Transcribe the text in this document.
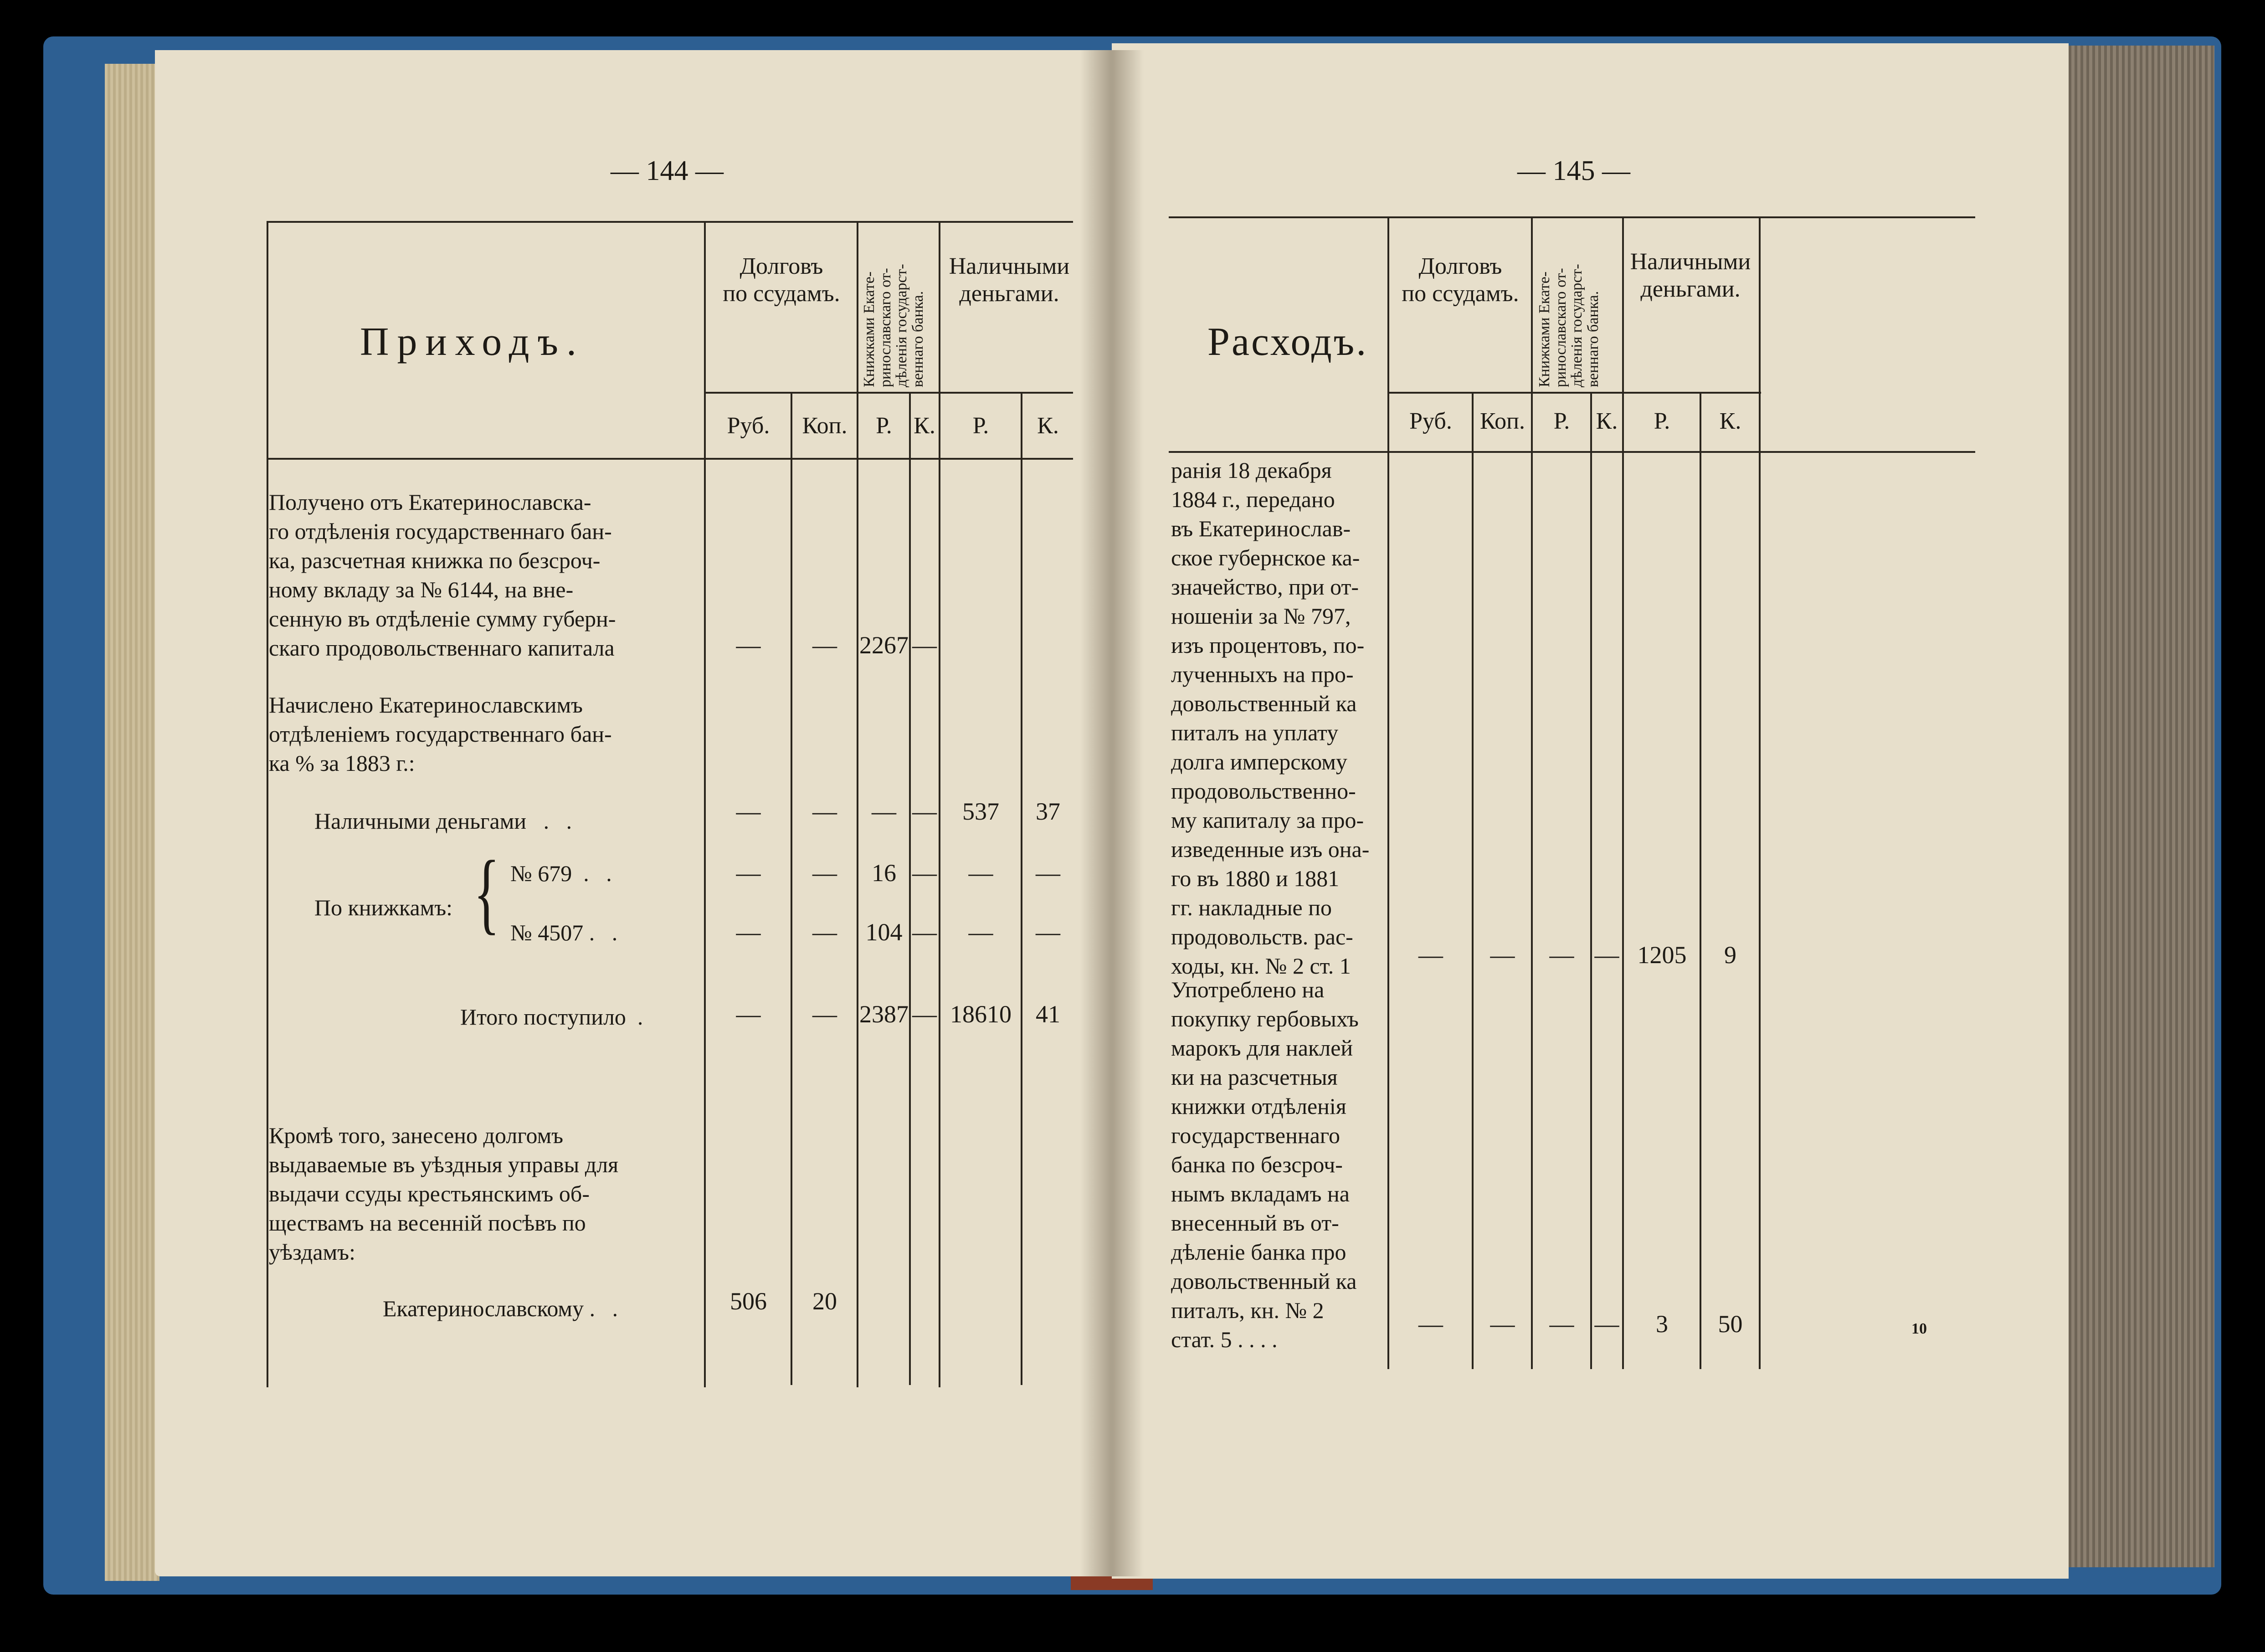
— 144 —
Приходъ.
Долговъ
по ссудамъ.
Книжками Екате-
ринославскаго от-
дѣленія государст-
веннаго банка.
Наличными
деньгами.
Руб.	Коп.	Р. К.	Р.	К.
Получено отъ Екатеринославска-
го отдѣленія государственнаго бан-
ка, разсчетная книжка по безсроч-
ному вкладу за № 6144, на вне-
сенную въ отдѣленіе сумму губерн-
скаго продовольственнаго капитала	—	— 2267 —
Начислено Екатеринославскимъ
отдѣленіемъ государственнаго бан-
ка % за 1883 г.:
Наличными деньгами   .   .	—	—	— —	537	37
По книжкамъ: { № 679  .   .	—	—	16 —	—	—
№ 4507 .   .	—	—	104 —	—	—
Итого поступило  .	—	— 2387 — 18610 41
Кромѣ того, занесено долгомъ
выдаваемые въ уѣздныя управы для
выдачи ссуды крестьянскимъ об-
ществамъ на весенній посѣвъ по
уѣздамъ:
Екатеринославскому .   .	506	20
— 145 —
Расходъ.
Долговъ
по ссудамъ.
Книжками Екате-
ринославскаго от-
дѣленія государст-
веннаго банка.
Наличными
деньгами.
Руб.	Коп.	Р.	К.	Р.	К.
ранія 18 декабря
1884 г., передано
въ Екатеринослав-
ское губернское ка-
значейство, при от-
ношеніи за № 797,
изъ процентовъ, по-
лученныхъ на про-
довольственный ка
питалъ на уплату
долга имперскому
продовольственно-
му капиталу за про-
изведенные изъ она-
го въ 1880 и 1881
гг. накладные по
продовольств. рас-
ходы, кн. № 2 ст. 1	—	—	— — 1205	9
Употреблено на
покупку гербовыхъ
марокъ для наклей
ки на разсчетныя
книжки отдѣленія
государственнаго
банка по безсроч-
нымъ вкладамъ на
внесенный въ от-
дѣленіе банка про
довольственный ка
питалъ, кн. № 2
стат. 5 . . . .
—	—	— —	3	50	10
